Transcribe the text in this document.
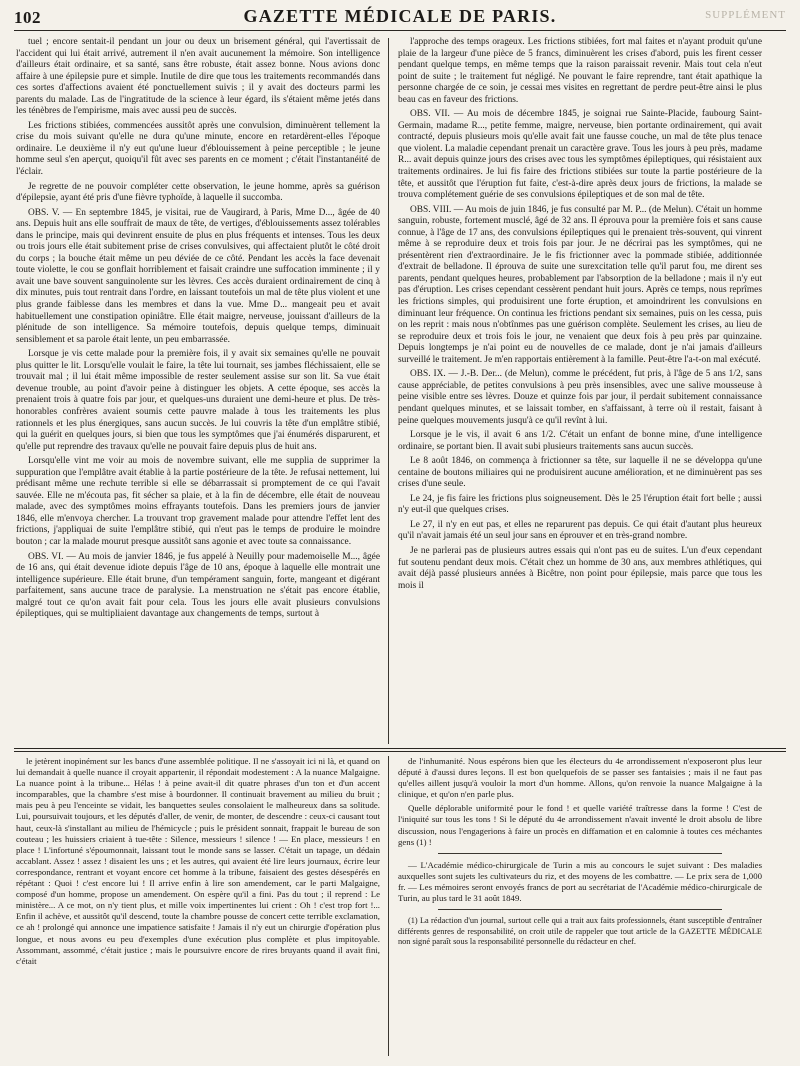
102	GAZETTE MÉDICALE DE PARIS.	SUPPLÉMENT

tuel ; encore sentait-il pendant un jour ou deux un brisement général, qui l'avertissait de l'accident qui lui était arrivé, autrement il n'en avait aucunement la mémoire. Son intelligence d'ailleurs était ordinaire, et sa santé, sans être robuste, était assez bonne. Nous avions donc affaire à une épilepsie pure et simple. Inutile de dire que tous les traitements recommandés dans ces sortes d'affections avaient été ponctuellement suivis ; il y avait des docteurs parmi les parents du malade. Las de l'ingratitude de la science à leur égard, ils s'étaient même jetés dans les ténèbres de l'empirisme, mais avec aussi peu de succès.

Les frictions stibiées, commencées aussitôt après une convulsion, diminuèrent tellement la crise du mois suivant qu'elle ne dura qu'une minute, encore en retardèrent-elles l'époque ordinaire. Le deuxième il n'y eut qu'une lueur d'éblouissement à peine perceptible ; le jeune homme seul s'en aperçut, quoiqu'il fût avec ses parents en ce moment ; c'était l'instantanéité de l'éclair.

Je regrette de ne pouvoir compléter cette observation, le jeune homme, après sa guérison d'épilepsie, ayant été pris d'une fièvre typhoïde, à laquelle il succomba.

OBS. V. — En septembre 1845, je visitai, rue de Vaugirard, à Paris, Mme D..., âgée de 40 ans. Depuis huit ans elle souffrait de maux de tête, de vertiges, d'éblouissements assez tolérables dans le principe, mais qui devinrent ensuite de plus en plus fréquents et intenses. Tous les deux ou trois jours elle était subitement prise de crises convulsives, qui affectaient plutôt le côté droit du corps ; la bouche était même un peu déviée de ce côté. Pendant les accès la face devenait toute violette, le cou se gonflait horriblement et faisait craindre une suffocation imminente ; il y avait une bave souvent sanguinolente sur les lèvres. Ces accès duraient ordinairement de cinq à dix minutes, puis tout rentrait dans l'ordre, en laissant toutefois un mal de tête plus violent et une plus grande faiblesse dans les membres et dans la vue. Mme D... mangeait peu et avait habituellement une constipation opiniâtre. Elle était maigre, nerveuse, jouissant d'ailleurs de la plénitude de son intelligence. Sa mémoire toutefois, depuis quelque temps, diminuait sensiblement et sa parole était lente, un peu embarrassée.

Lorsque je vis cette malade pour la première fois, il y avait six semaines qu'elle ne pouvait plus quitter le lit. Lorsqu'elle voulait le faire, la tête lui tournait, ses jambes fléchissaient, elle se trouvait mal ; il lui était même impossible de rester seulement assise sur son lit. Sa vue était devenue trouble, au point d'avoir peine à distinguer les objets. A cette époque, ses accès la prenaient trois à quatre fois par jour, et quelques-uns duraient une demi-heure et plus. De très-honorables confrères avaient soumis cette pauvre malade à tous les traitements les plus rationnels et les plus énergiques, sans aucun succès. Je lui couvris la tête d'un emplâtre stibié, qui la guérit en quelques jours, si bien que tous les symptômes que j'ai énumérés disparurent, et qu'elle put reprendre des travaux qu'elle ne pouvait faire depuis plus de huit ans.

Lorsqu'elle vint me voir au mois de novembre suivant, elle me supplia de supprimer la suppuration que l'emplâtre avait établie à la partie postérieure de la tête. Je refusai nettement, lui prédisant même une rechute terrible si elle se débarrassait si promptement de ce qui l'avait sauvée. Elle ne m'écouta pas, fit sécher sa plaie, et à la fin de décembre, elle était de nouveau malade, avec des symptômes moins effrayants toutefois. Dans les premiers jours de janvier 1846, elle m'envoya chercher. La trouvant trop gravement malade pour attendre l'effet lent des frictions, j'appliquai de suite l'emplâtre stibié, qui n'eut pas le temps de produire le moindre bouton ; car la malade mourut presque aussitôt sans agonie et avec toute sa connaissance.

OBS. VI. — Au mois de janvier 1846, je fus appelé à Neuilly pour mademoiselle M..., âgée de 16 ans, qui était devenue idiote depuis l'âge de 10 ans, époque à laquelle elle montrait une intelligence supérieure. Elle était brune, d'un tempérament sanguin, forte, mangeant et digérant parfaitement, sans aucune trace de paralysie. La menstruation ne s'était pas encore établie, malgré tout ce qu'on avait fait pour cela. Tous les jours elle avait plusieurs convulsions épileptiques, qui se multipliaient davantage aux changements de temps, surtout à

l'approche des temps orageux. Les frictions stibiées, fort mal faites et n'ayant produit qu'une plaie de la largeur d'une pièce de 5 francs, diminuèrent les crises d'abord, puis les firent cesser pendant quelque temps, en même temps que la raison paraissait revenir. Mais tout cela n'eut point de suite ; le traitement fut négligé. Ne pouvant le faire reprendre, tant était apathique la personne chargée de ce soin, je cessai mes visites en regrettant de perdre peut-être ainsi le plus beau cas en faveur des frictions.

OBS. VII. — Au mois de décembre 1845, je soignai rue Sainte-Placide, faubourg Saint-Germain, madame R..., petite femme, maigre, nerveuse, bien portante ordinairement, qui avait contracté, depuis plusieurs mois qu'elle avait fait une fausse couche, un mal de tête plus tenace que violent. La maladie cependant prenait un caractère grave. Tous les jours à peu près, madame R... avait depuis quinze jours des crises avec tous les symptômes épileptiques, qui résistaient aux traitements ordinaires. Je lui fis faire des frictions stibiées sur toute la partie postérieure de la tête, et aussitôt que l'éruption fut faite, c'est-à-dire après deux jours de frictions, la malade se trouva complétement guérie de ses convulsions épileptiques et de son mal de tête.

OBS. VIII. — Au mois de juin 1846, je fus consulté par M. P... (de Melun). C'était un homme sanguin, robuste, fortement musclé, âgé de 32 ans. Il éprouva pour la première fois et sans cause connue, à l'âge de 17 ans, des convulsions épileptiques qui le prenaient très-souvent, qui vinrent même à se reproduire deux et trois fois par jour. Je ne décrirai pas les symptômes, qui ne présentèrent rien d'extraordinaire. Je le fis frictionner avec la pommade stibiée, additionnée d'extrait de belladone. Il éprouva de suite une surexcitation telle qu'il parut fou, me dirent ses parents, pendant quelques heures, probablement par l'absorption de la belladone ; mais il n'y eut pas d'éruption. Les crises cependant cessèrent pendant huit jours. Après ce temps, nous reprîmes les frictions simples, qui produisirent une forte éruption, et amoindrirent les convulsions en diminuant leur fréquence. On continua les frictions pendant six semaines, puis on les cessa, puis on les reprit : mais nous n'obtînmes pas une guérison complète. Seulement les crises, au lieu de se reproduire deux et trois fois le jour, ne venaient que deux fois à peu près par quinzaine. Depuis longtemps je n'ai point eu de nouvelles de ce malade, dont je n'ai jamais d'ailleurs surveillé le traitement. Je m'en rapportais entièrement à la famille. Peut-être l'a-t-on mal exécuté.

OBS. IX. — J.-B. Der... (de Melun), comme le précédent, fut pris, à l'âge de 5 ans 1/2, sans cause appréciable, de petites convulsions à peu près insensibles, avec une salive mousseuse à peine visible entre ses lèvres. Douze et quinze fois par jour, il perdait subitement connaissance pendant quelques minutes, et se laissait tomber, en s'affaissant, à terre où il restait, faisant à peine quelques mouvements jusqu'à ce qu'il revînt à lui.

Lorsque je le vis, il avait 6 ans 1/2. C'était un enfant de bonne mine, d'une intelligence ordinaire, se portant bien. Il avait subi plusieurs traitements sans aucun succès.

Le 8 août 1846, on commença à frictionner sa tête, sur laquelle il ne se développa qu'une centaine de boutons miliaires qui ne produisirent aucune amélioration, et ne diminuèrent pas ses crises d'une seule.

Le 24, je fis faire les frictions plus soigneusement. Dès le 25 l'éruption était fort belle ; aussi n'y eut-il que quelques crises.

Le 27, il n'y en eut pas, et elles ne reparurent pas depuis. Ce qui était d'autant plus heureux qu'il n'avait jamais été un seul jour sans en éprouver et en très-grand nombre.

Je ne parlerai pas de plusieurs autres essais qui n'ont pas eu de suites. L'un d'eux cependant fut soutenu pendant deux mois. C'était chez un homme de 30 ans, aux membres athlétiques, qui avait déjà passé plusieurs années à Bicêtre, non point pour épilepsie, mais parce que tous les mois il

le jetèrent inopinément sur les bancs d'une assemblée politique. Il ne s'assoyait ici ni là, et quand on lui demandait à quelle nuance il croyait appartenir, il répondait modestement : A la nuance Malgaigne. La nuance point à la tribune... Hélas ! à peine avait-il dit quatre phrases d'un ton et d'un accent incomparables, que la chambre s'est mise à bourdonner. Il continuait bravement au milieu du bruit ; mais peu à peu l'enceinte se vidait, les banquettes seules consolaient le malheureux dans sa solitude. Lui, poursuivait toujours, et les députés d'aller, de venir, de monter, de descendre : ceux-ci causant tout haut, ceux-là s'installant au milieu de l'hémicycle ; puis le président sonnait, frappait le bureau de son couteau ; les huissiers criaient à tue-tête : Silence, messieurs ! silence ! — En place, messieurs ! en place ! L'infortuné s'époumonnait, laissant tout le monde sans se lasser. C'était un tapage, un dédain accablant. Assez ! assez ! disaient les uns ; et les autres, qui avaient été lire leurs journaux, écrire leur correspondance, rentrant et voyant encore cet homme à la tribune, faisaient des gestes désespérés en répétant : Quoi ! c'est encore lui ! Il arrive enfin à lire son amendement, car le parti Malgaigne, composé d'un homme, propose un amendement. On espère qu'il a fini. Pas du tout ; il reprend : Le ministère... A ce mot, on n'y tient plus, et mille voix impertinentes lui crient : Oh ! c'est trop fort !... Enfin il achève, et aussitôt qu'il descend, toute la chambre pousse de concert cette terrible exclamation, ce ah ! prolongé qui annonce une impatience satisfaite ! Jamais il n'y eut un chirurgie d'opération plus longue, et nous avons eu peu d'exemples d'une exécution plus complète et plus impitoyable. Assommant, assommé, c'était justice ; mais le poursuivre encore de rires bruyants quand il avait fini, c'était

de l'inhumanité. Nous espérons bien que les électeurs du 4e arrondissement n'exposeront plus leur député à d'aussi dures leçons. Il est bon quelquefois de se passer ses fantaisies ; mais il ne faut pas qu'elles aillent jusqu'à vouloir la mort d'un homme. Allons, qu'on renvoie la nuance Malgaigne à la clinique, et qu'on n'en parle plus.

Quelle déplorable uniformité pour le fond ! et quelle variété traîtresse dans la forme ! C'est de l'iniquité sur tous les tons ! Si le député du 4e arrondissement n'avait inventé le droit absolu de libre discussion, nous l'engagerions à faire un procès en diffamation et en calomnie à toutes ces méchantes gens (1) !

— L'Académie médico-chirurgicale de Turin a mis au concours le sujet suivant : Des maladies auxquelles sont sujets les cultivateurs du riz, et des moyens de les combattre. — Le prix sera de 1,000 fr. — Les mémoires seront envoyés francs de port au secrétariat de l'Académie médico-chirurgicale de Turin, au plus tard le 31 août 1849.

(1) La rédaction d'un journal, surtout celle qui a trait aux faits professionnels, étant susceptible d'entraîner différents genres de responsabilité, on croit utile de rappeler que tout article de la GAZETTE MÉDICALE non signé paraît sous la responsabilité personnelle du rédacteur en chef.
